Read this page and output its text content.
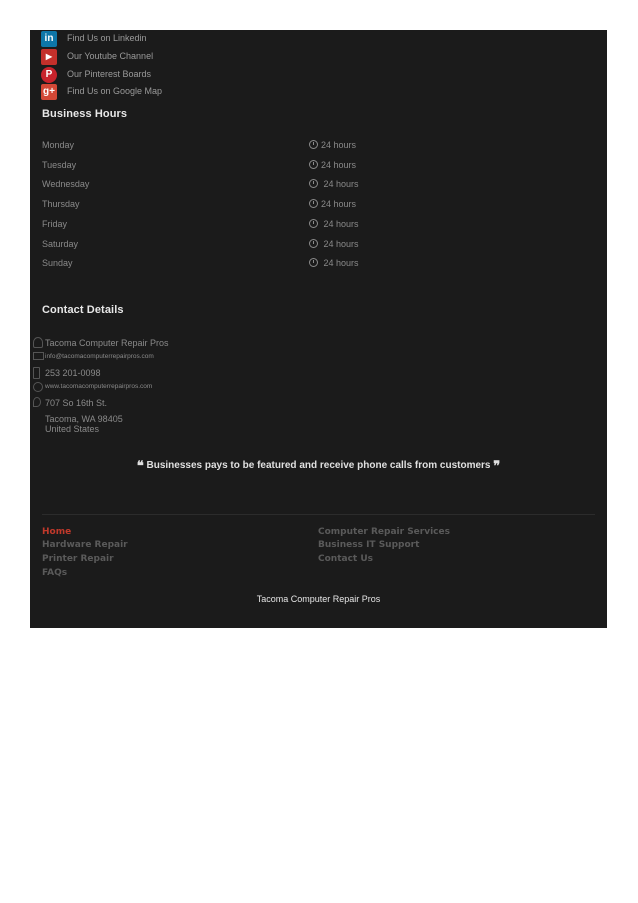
in	Find Us on Linkedin
▶	Our Youtube Channel
P	Our Pinterest Boards
g+ Find Us on Google Map
Business Hours
Monday	24 hours
Tuesday	24 hours
Wednesday	24 hours
Thursday	24 hours
Friday	24 hours
Saturday	24 hours
Sunday	24 hours
Contact Details
Tacoma Computer Repair Pros
info@tacomacomputerrepairpros.com
253 201-0098
www.tacomacomputerrepairpros.com
707 So 16th St.
Tacoma, WA 98405
United States
❝ Businesses pays to be featured and receive phone calls from customers ❞
Home
Hardware Repair
Printer Repair
FAQs
Computer Repair Services
Business IT Support
Contact Us
Tacoma Computer Repair Pros
